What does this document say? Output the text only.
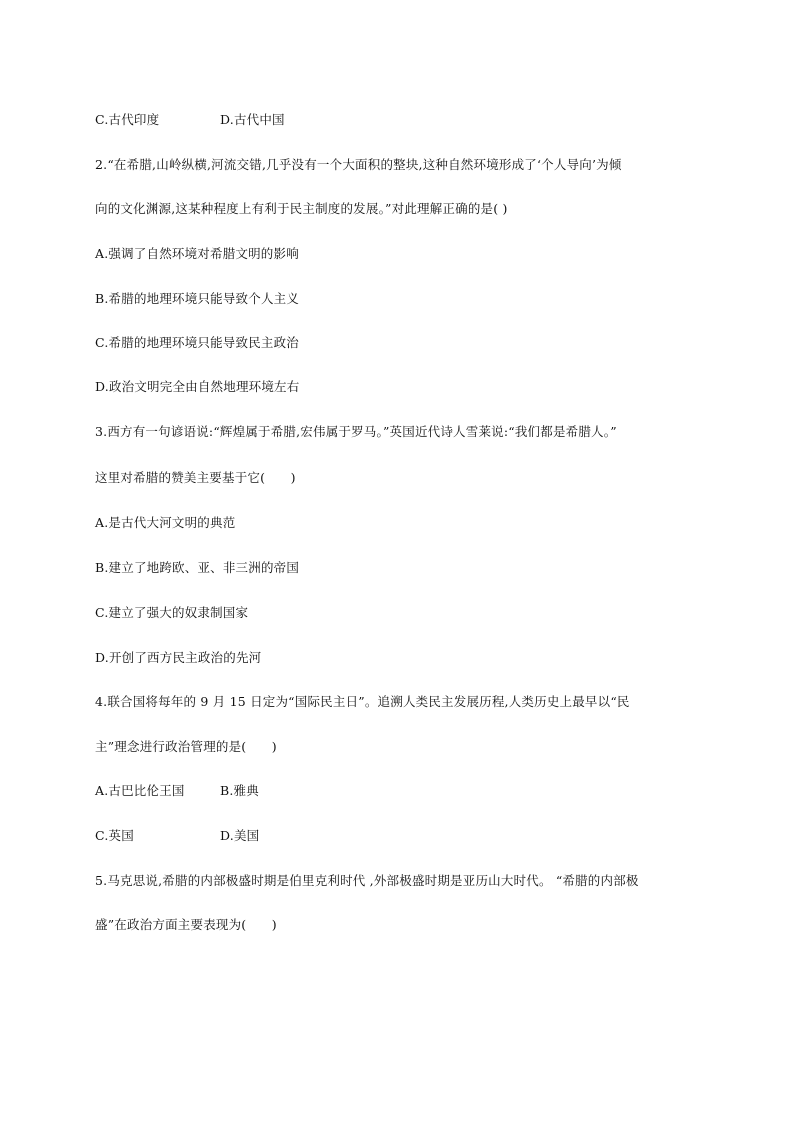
C.古代印度	D.古代中国
2.“在希腊,山岭纵横,河流交错,几乎没有一个大面积的整块,这种自然环境形成了‘个人导向’为倾
向的文化渊源,这某种程度上有利于民主制度的发展。”对此理解正确的是( )
A.强调了自然环境对希腊文明的影响
B.希腊的地理环境只能导致个人主义
C.希腊的地理环境只能导致民主政治
D.政治文明完全由自然地理环境左右
3.西方有一句谚语说:“辉煌属于希腊,宏伟属于罗马。”英国近代诗人雪莱说:“我们都是希腊人。”
这里对希腊的赞美主要基于它(　　)
A.是古代大河文明的典范
B.建立了地跨欧、亚、非三洲的帝国
C.建立了强大的奴隶制国家
D.开创了西方民主政治的先河
4.联合国将每年的 9 月 15 日定为“国际民主日”。追溯人类民主发展历程,人类历史上最早以“民
主”理念进行政治管理的是(　　)
A.古巴比伦王国	B.雅典
C.英国	D.美国
5.马克思说,希腊的内部极盛时期是伯里克利时代 ,外部极盛时期是亚历山大时代。 “希腊的内部极
盛”在政治方面主要表现为(　　)
